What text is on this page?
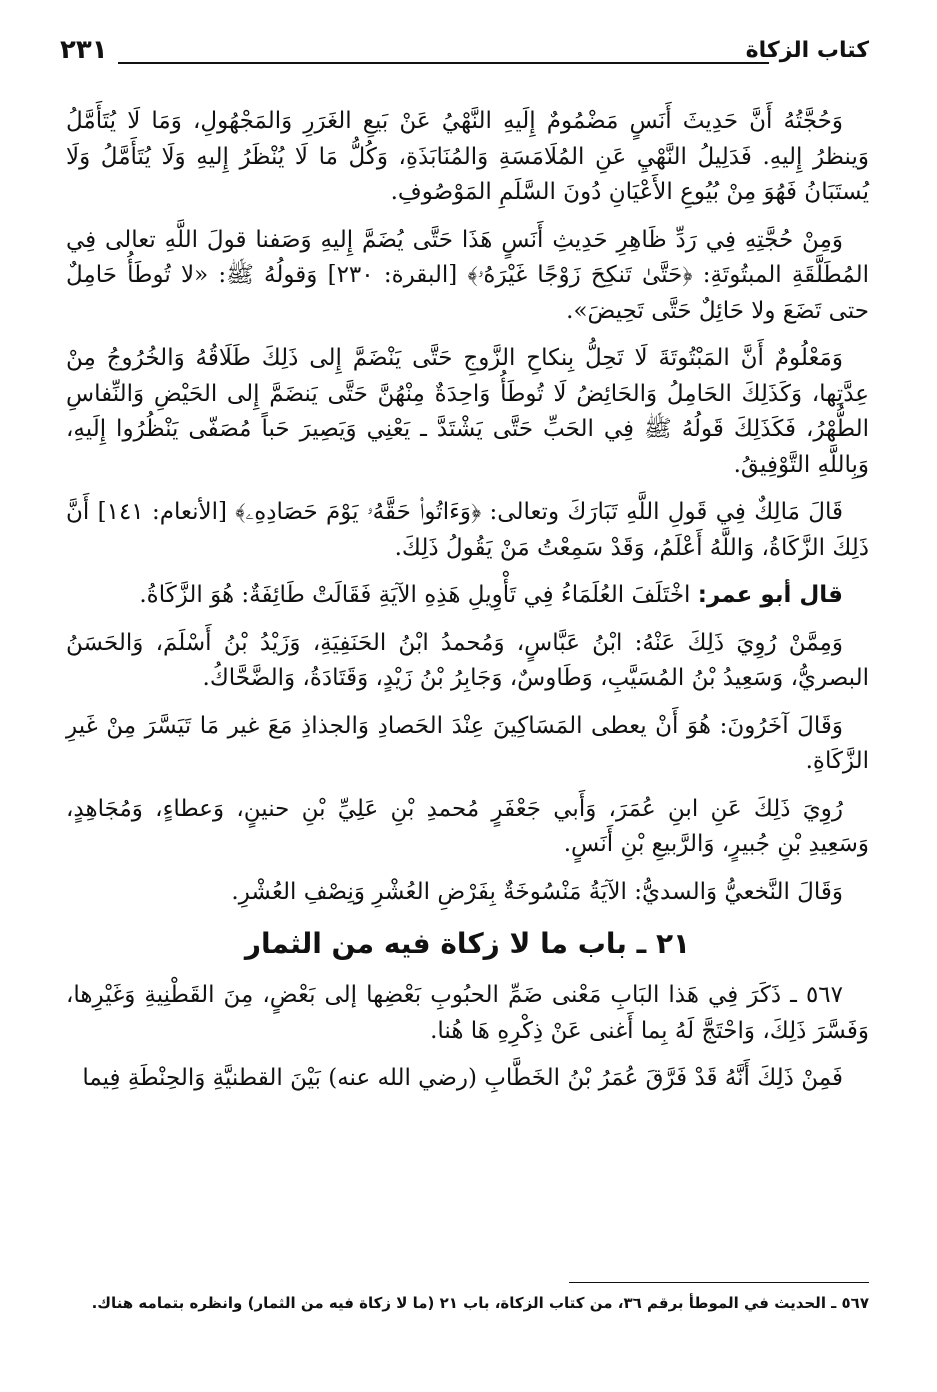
كتاب الزكاة
٢٣١

وَحُجَّتُهُ أَنَّ حَدِيثَ أَنَسٍ مَضْمُومٌ إِلَيهِ النَّهْيُ عَنْ بَيعِ الغَرَرِ وَالمَجْهُولِ، وَمَا لَا يُتَأَمَّلُ وَينظرُ إِليهِ. فَدَلِيلُ النَّهْيِ عَنِ المُلَامَسَةِ وَالمُنَابَذَةِ، وَكُلُّ مَا لَا يُنْظَرُ إِليهِ وَلَا يُتَأَمَّلُ وَلَا يُستَبَانُ فَهُوَ مِنْ بُيُوعِ الأَعْيَانِ دُونَ السَّلَمِ المَوْصُوفِ.

وَمِنْ حُجَّتِهِ فِي رَدِّ ظَاهِرِ حَدِيثِ أَنَسٍ هَذَا حَتَّى يُضَمَّ إِليهِ وَصَفنا قولَ اللَّهِ تعالى فِي المُطَلَّقَةِ المبتُوتَةِ: ﴿حَتَّىٰ تَنكِحَ زَوْجًا غَيْرَهُۥ﴾ [البقرة: ٢٣٠] وَقولُهُ ﷺ: «لا تُوطَأُ حَامِلٌ حتى تَضَعَ ولا حَائِلٌ حَتَّى تَحِيضَ».

وَمَعْلُومٌ أَنَّ المَبْتُوتَةَ لَا تَحِلُّ بِنكاحِ الزَّوجِ حَتَّى يَنْضَمَّ إِلى ذَلِكَ طَلَاقُهُ وَالخُرُوجُ مِنْ عِدَّتِها، وَكَذَلِكَ الحَامِلُ وَالحَائِضُ لَا تُوطَأُ وَاحِدَةٌ مِنْهُنَّ حَتَّى يَنضَمَّ إِلى الحَيْضِ وَالنِّفاسِ الطُّهْرُ، فَكَذَلِكَ قَولُهُ ﷺ فِي الحَبِّ حَتَّى يَشْتَدَّ ـ يَعْنِي وَيَصِيرَ حَباً مُصَفّى يَنْظُرُوا إِلَيهِ، وَبِاللَّهِ التَّوْفِيقُ.

قَالَ مَالِكٌ فِي قَولِ اللَّهِ تَبَارَكَ وتعالى: ﴿وَءَاتُوا۟ حَقَّهُۥ يَوْمَ حَصَادِهِۦ﴾ [الأنعام: ١٤١] أَنَّ ذَلِكَ الزَّكَاةُ، وَاللَّهُ أَعْلَمُ، وَقَدْ سَمِعْتُ مَنْ يَقُولُ ذَلِكَ.

قال أبو عمر: اخْتَلَفَ العُلَمَاءُ فِي تَأْوِيلِ هَذِهِ الآيَةِ فَقَالَتْ طَائِفَةٌ: هُوَ الزَّكَاةُ.

وَمِمَّنْ رُوِيَ ذَلِكَ عَنْهُ: ابْنُ عَبَّاسٍ، وَمُحمدُ ابْنُ الحَنَفِيَةِ، وَزَيْدُ بْنُ أَسْلَمَ، وَالحَسَنُ البصريُّ، وَسَعِيدُ بْنُ المُسَيَّبِ، وَطَاوسٌ، وَجَابِرُ بْنُ زَيْدٍ، وَقَتَادَةُ، وَالضَّحَّاكُ.

وَقَالَ آخَرُونَ: هُوَ أَنْ يعطى المَسَاكِينَ عِنْدَ الحَصادِ وَالجذاذِ مَعَ غير مَا تَيَسَّرَ مِنْ غَيرِ الزَّكَاةِ.

رُوِيَ ذَلِكَ عَنِ ابنِ عُمَرَ، وَأَبي جَعْفَرٍ مُحمدِ بْنِ عَلِيِّ بْنِ حنينٍ، وَعطاءٍ، وَمُجَاهِدٍ، وَسَعِيدِ بْنِ جُبيرٍ، وَالرَّبيعِ بْنِ أَنَسٍ.

وَقَالَ النَّخعيُّ وَالسديُّ: الآيَةُ مَنْسُوخَةٌ بِفَرْضِ العُشْرِ وَنِصْفِ العُشْرِ.

٢١ ـ باب ما لا زكاة فيه من الثمار

٥٦٧ ـ ذَكَرَ فِي هَذا البَابِ مَعْنى ضَمِّ الحبُوبِ بَعْضِها إلى بَعْضٍ، مِنَ القَطْنِيةِ وَغَيْرِها، وَفَسَّرَ ذَلِكَ، وَاحْتَجَّ لَهُ بِما أَغنى عَنْ ذِكْرِهِ هَا هُنا.

فَمِنْ ذَلِكَ أَنَّهُ قَدْ فَرَّقَ عُمَرُ بْنُ الخَطَّابِ (رضي الله عنه) بَيْنَ القطنيَّةِ وَالحِنْطَةِ فِيما

٥٦٧ ـ الحديث في الموطأ برقم ٣٦، من كتاب الزكاة، باب ٢١ (ما لا زكاة فيه من الثمار) وانظره بتمامه هناك.
